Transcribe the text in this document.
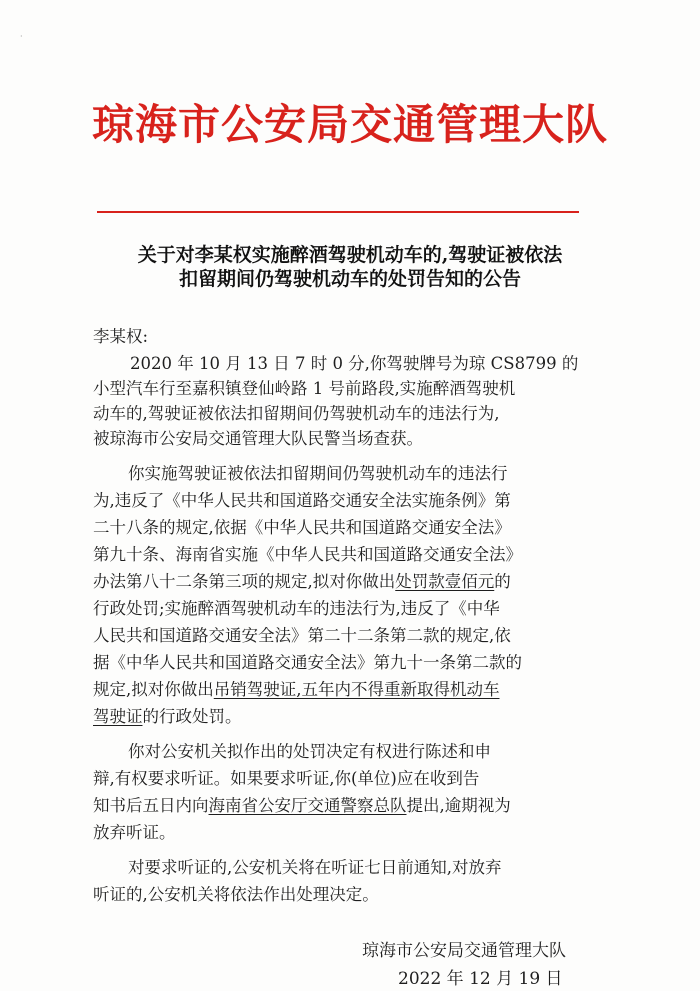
·
琼海市公安局交通管理大队
关于对李某权实施醉酒驾驶机动车的,驾驶证被依法
扣留期间仍驾驶机动车的处罚告知的公告
李某权:
2020 年 10 月 13 日 7 时 0 分,你驾驶牌号为琼 CS8799 的
小型汽车行至嘉积镇登仙岭路 1 号前路段,实施醉酒驾驶机
动车的,驾驶证被依法扣留期间仍驾驶机动车的违法行为,
被琼海市公安局交通管理大队民警当场查获。
你实施驾驶证被依法扣留期间仍驾驶机动车的违法行
为,违反了《中华人民共和国道路交通安全法实施条例》第
二十八条的规定,依据《中华人民共和国道路交通安全法》
第九十条、海南省实施《中华人民共和国道路交通安全法》
办法第八十二条第三项的规定,拟对你做出处罚款壹佰元的
行政处罚;实施醉酒驾驶机动车的违法行为,违反了《中华
人民共和国道路交通安全法》第二十二条第二款的规定,依
据《中华人民共和国道路交通安全法》第九十一条第二款的
规定,拟对你做出吊销驾驶证,五年内不得重新取得机动车
驾驶证的行政处罚。
你对公安机关拟作出的处罚决定有权进行陈述和申
辩,有权要求听证。如果要求听证,你(单位)应在收到告
知书后五日内向海南省公安厅交通警察总队提出,逾期视为
放弃听证。
对要求听证的,公安机关将在听证七日前通知,对放弃
听证的,公安机关将依法作出处理决定。
琼海市公安局交通管理大队
2022 年 12 月 19 日
